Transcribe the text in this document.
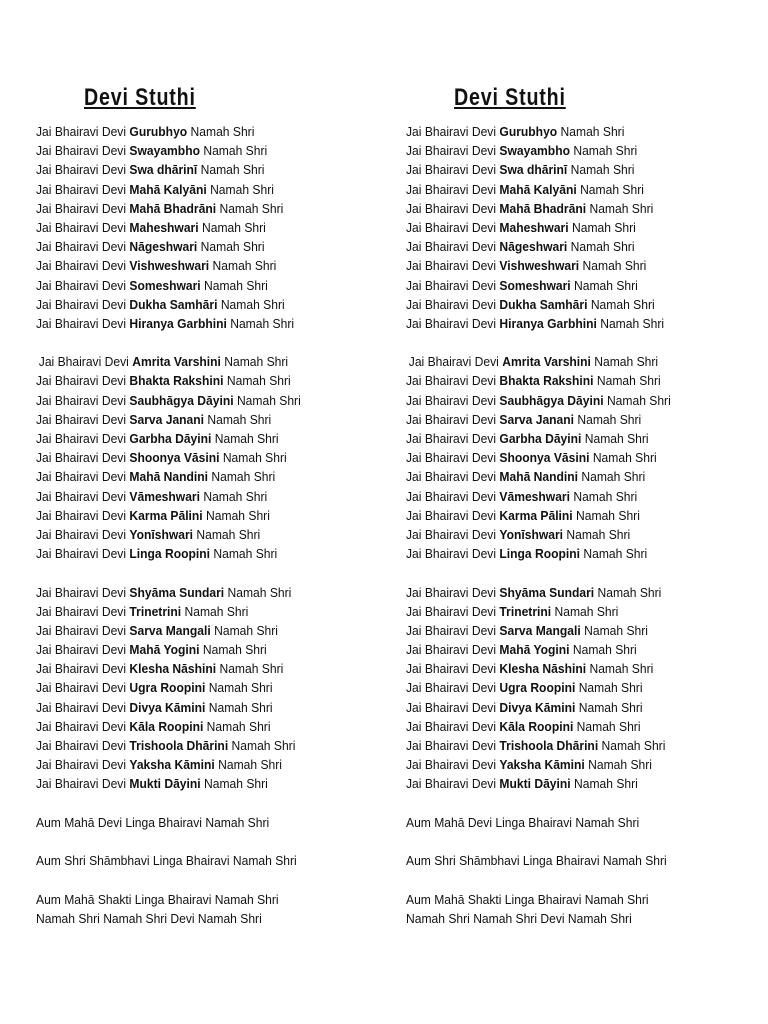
Devi Stuthi
Jai Bhairavi Devi Gurubhyo Namah Shri
Jai Bhairavi Devi Swayambho Namah Shri
Jai Bhairavi Devi Swa dhārinī Namah Shri
Jai Bhairavi Devi Mahā Kalyāni Namah Shri
Jai Bhairavi Devi Mahā Bhadrāni Namah Shri
Jai Bhairavi Devi Maheshwari Namah Shri
Jai Bhairavi Devi Nāgeshwari Namah Shri
Jai Bhairavi Devi Vishweshwari Namah Shri
Jai Bhairavi Devi Someshwari Namah Shri
Jai Bhairavi Devi Dukha Samhāri Namah Shri
Jai Bhairavi Devi Hiranya Garbhini Namah Shri
Jai Bhairavi Devi Amrita Varshini Namah Shri
Jai Bhairavi Devi Bhakta Rakshini Namah Shri
Jai Bhairavi Devi Saubhāgya Dāyini Namah Shri
Jai Bhairavi Devi Sarva Janani Namah Shri
Jai Bhairavi Devi Garbha Dāyini Namah Shri
Jai Bhairavi Devi Shoonya Vāsini Namah Shri
Jai Bhairavi Devi Mahā Nandini Namah Shri
Jai Bhairavi Devi Vāmeshwari Namah Shri
Jai Bhairavi Devi Karma Pālini Namah Shri
Jai Bhairavi Devi Yonīshwari Namah Shri
Jai Bhairavi Devi Linga Roopini Namah Shri
Jai Bhairavi Devi Shyāma Sundari Namah Shri
Jai Bhairavi Devi Trinetrini Namah Shri
Jai Bhairavi Devi Sarva Mangali Namah Shri
Jai Bhairavi Devi Mahā Yogini Namah Shri
Jai Bhairavi Devi Klesha Nāshini Namah Shri
Jai Bhairavi Devi Ugra Roopini Namah Shri
Jai Bhairavi Devi Divya Kāmini Namah Shri
Jai Bhairavi Devi Kāla Roopini Namah Shri
Jai Bhairavi Devi Trishoola Dhārini Namah Shri
Jai Bhairavi Devi Yaksha Kāmini Namah Shri
Jai Bhairavi Devi Mukti Dāyini Namah Shri
Aum Mahā Devi Linga Bhairavi Namah Shri
Aum Shri Shāmbhavi Linga Bhairavi Namah Shri
Aum Mahā Shakti Linga Bhairavi Namah Shri
Namah Shri Namah Shri Devi Namah Shri
Devi Stuthi
Jai Bhairavi Devi Gurubhyo Namah Shri
Jai Bhairavi Devi Swayambho Namah Shri
Jai Bhairavi Devi Swa dhārinī Namah Shri
Jai Bhairavi Devi Mahā Kalyāni Namah Shri
Jai Bhairavi Devi Mahā Bhadrāni Namah Shri
Jai Bhairavi Devi Maheshwari Namah Shri
Jai Bhairavi Devi Nāgeshwari Namah Shri
Jai Bhairavi Devi Vishweshwari Namah Shri
Jai Bhairavi Devi Someshwari Namah Shri
Jai Bhairavi Devi Dukha Samhāri Namah Shri
Jai Bhairavi Devi Hiranya Garbhini Namah Shri
Jai Bhairavi Devi Amrita Varshini Namah Shri
Jai Bhairavi Devi Bhakta Rakshini Namah Shri
Jai Bhairavi Devi Saubhāgya Dāyini Namah Shri
Jai Bhairavi Devi Sarva Janani Namah Shri
Jai Bhairavi Devi Garbha Dāyini Namah Shri
Jai Bhairavi Devi Shoonya Vāsini Namah Shri
Jai Bhairavi Devi Mahā Nandini Namah Shri
Jai Bhairavi Devi Vāmeshwari Namah Shri
Jai Bhairavi Devi Karma Pālini Namah Shri
Jai Bhairavi Devi Yonīshwari Namah Shri
Jai Bhairavi Devi Linga Roopini Namah Shri
Jai Bhairavi Devi Shyāma Sundari Namah Shri
Jai Bhairavi Devi Trinetrini Namah Shri
Jai Bhairavi Devi Sarva Mangali Namah Shri
Jai Bhairavi Devi Mahā Yogini Namah Shri
Jai Bhairavi Devi Klesha Nāshini Namah Shri
Jai Bhairavi Devi Ugra Roopini Namah Shri
Jai Bhairavi Devi Divya Kāmini Namah Shri
Jai Bhairavi Devi Kāla Roopini Namah Shri
Jai Bhairavi Devi Trishoola Dhārini Namah Shri
Jai Bhairavi Devi Yaksha Kāmini Namah Shri
Jai Bhairavi Devi Mukti Dāyini Namah Shri
Aum Mahā Devi Linga Bhairavi Namah Shri
Aum Shri Shāmbhavi Linga Bhairavi Namah Shri
Aum Mahā Shakti Linga Bhairavi Namah Shri
Namah Shri Namah Shri Devi Namah Shri
